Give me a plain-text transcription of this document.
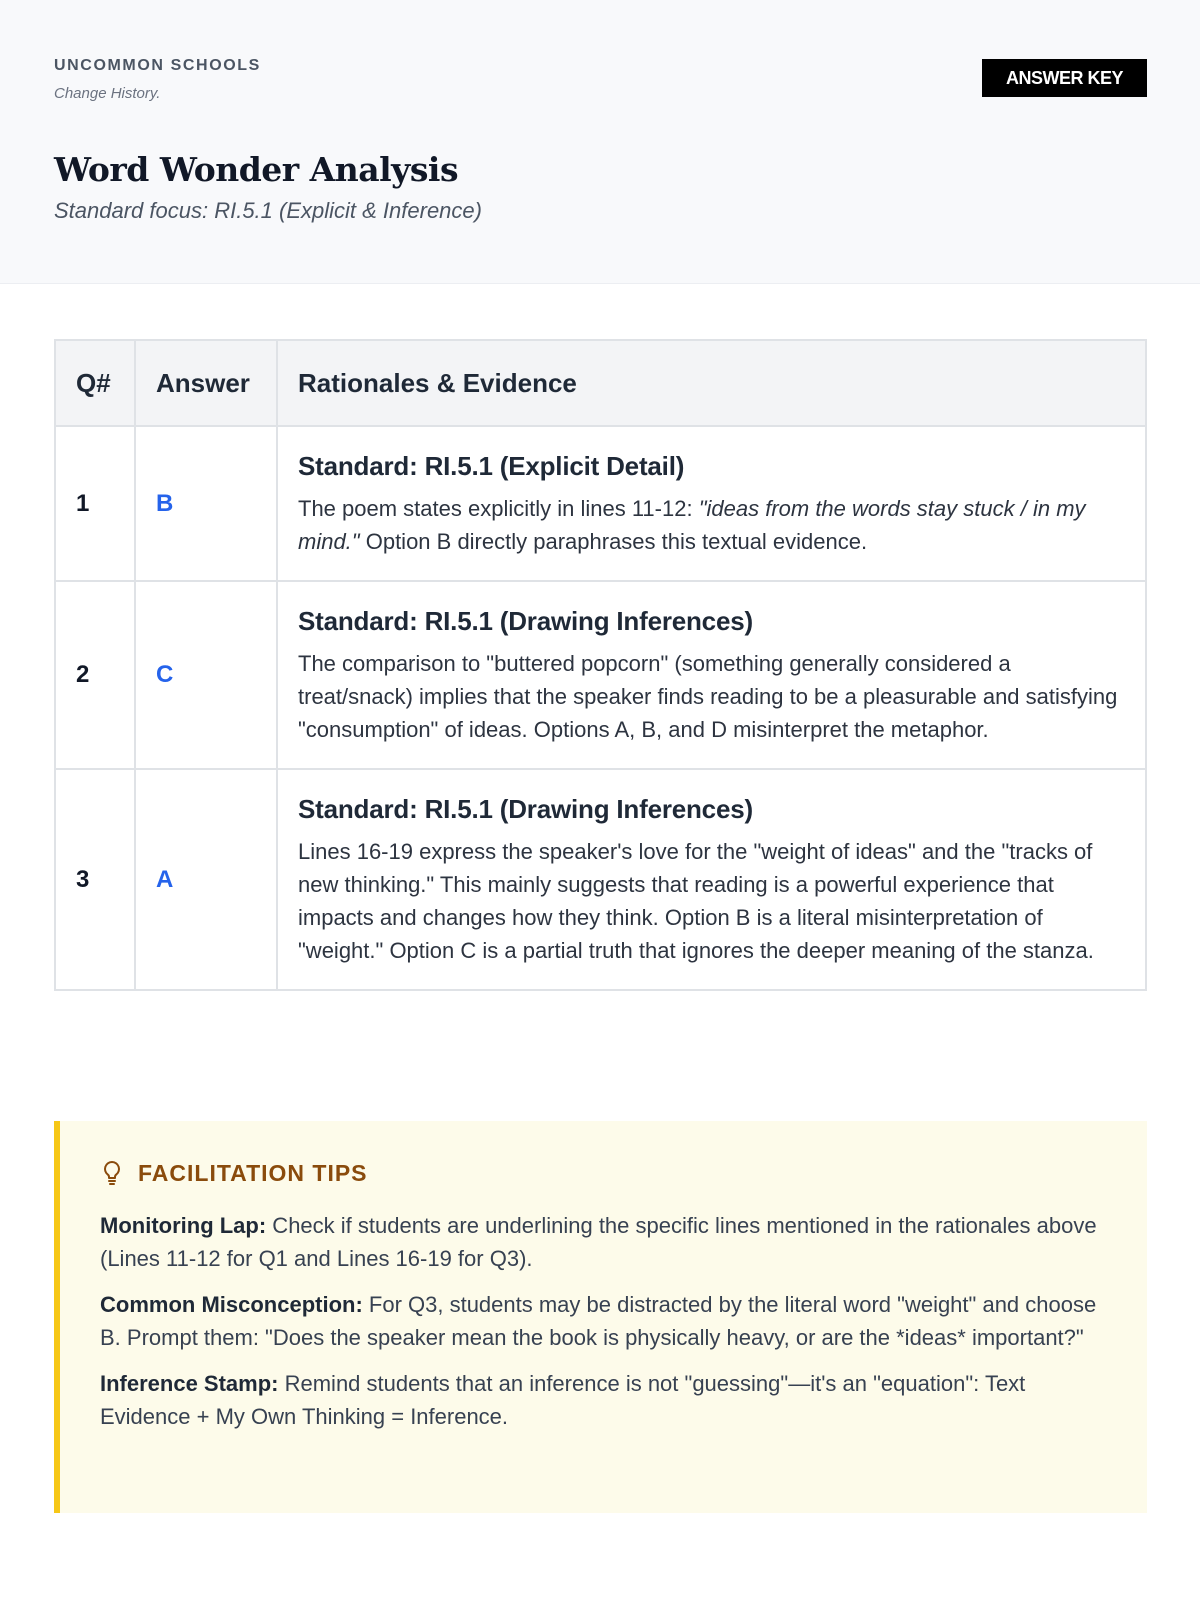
UNCOMMON SCHOOLS
Change History.
ANSWER KEY
Word Wonder Analysis
Standard focus: RI.5.1 (Explicit & Inference)
Q#	Answer	Rationales & Evidence
1	B	Standard: RI.5.1 (Explicit Detail)
The poem states explicitly in lines 11-12: "ideas from the words stay stuck / in my mind." Option B directly paraphrases this textual evidence.

2	C	Standard: RI.5.1 (Drawing Inferences)
The comparison to "buttered popcorn" (something generally considered a treat/snack) implies that the speaker finds reading to be a pleasurable and satisfying "consumption" of ideas. Options A, B, and D misinterpret the metaphor.

3	A	Standard: RI.5.1 (Drawing Inferences)
Lines 16-19 express the speaker's love for the "weight of ideas" and the "tracks of new thinking." This mainly suggests that reading is a powerful experience that impacts and changes how they think. Option B is a literal misinterpretation of "weight." Option C is a partial truth that ignores the deeper meaning of the stanza.
FACILITATION TIPS
Monitoring Lap: Check if students are underlining the specific lines mentioned in the rationales above (Lines 11-12 for Q1 and Lines 16-19 for Q3).
Common Misconception: For Q3, students may be distracted by the literal word "weight" and choose B. Prompt them: "Does the speaker mean the book is physically heavy, or are the *ideas* important?"
Inference Stamp: Remind students that an inference is not "guessing"—it's an "equation": Text Evidence + My Own Thinking = Inference.
